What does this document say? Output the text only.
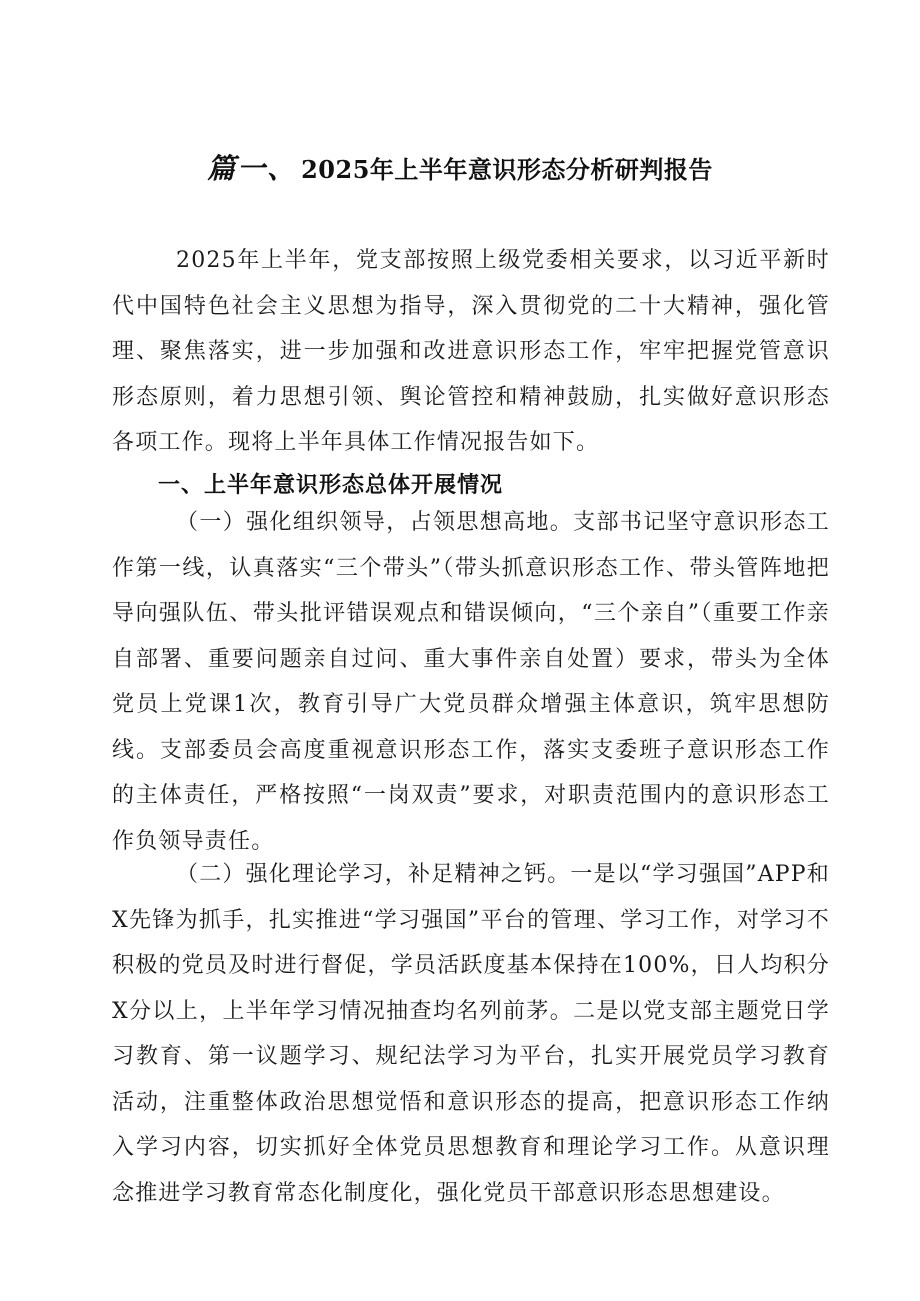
篇一、 2025年上半年意识形态分析研判报告

2025年上半年，党支部按照上级党委相关要求，以习近平新时代中国特色社会主义思想为指导，深入贯彻党的二十大精神，强化管理、聚焦落实，进一步加强和改进意识形态工作，牢牢把握党管意识形态原则，着力思想引领、舆论管控和精神鼓励，扎实做好意识形态各项工作。现将上半年具体工作情况报告如下。

一、上半年意识形态总体开展情况

（一）强化组织领导，占领思想高地。支部书记坚守意识形态工作第一线，认真落实“三个带头”（带头抓意识形态工作、带头管阵地把导向强队伍、带头批评错误观点和错误倾向，“三个亲自”（重要工作亲自部署、重要问题亲自过问、重大事件亲自处置）要求，带头为全体党员上党课1次，教育引导广大党员群众增强主体意识，筑牢思想防线。支部委员会高度重视意识形态工作，落实支委班子意识形态工作的主体责任，严格按照“一岗双责”要求，对职责范围内的意识形态工作负领导责任。

（二）强化理论学习，补足精神之钙。一是以“学习强国”APP和X先锋为抓手，扎实推进“学习强国”平台的管理、学习工作，对学习不积极的党员及时进行督促，学员活跃度基本保持在100%，日人均积分X分以上，上半年学习情况抽查均名列前茅。二是以党支部主题党日学习教育、第一议题学习、规纪法学习为平台，扎实开展党员学习教育活动，注重整体政治思想觉悟和意识形态的提高，把意识形态工作纳入学习内容，切实抓好全体党员思想教育和理论学习工作。从意识理念推进学习教育常态化制度化，强化党员干部意识形态思想建设。
